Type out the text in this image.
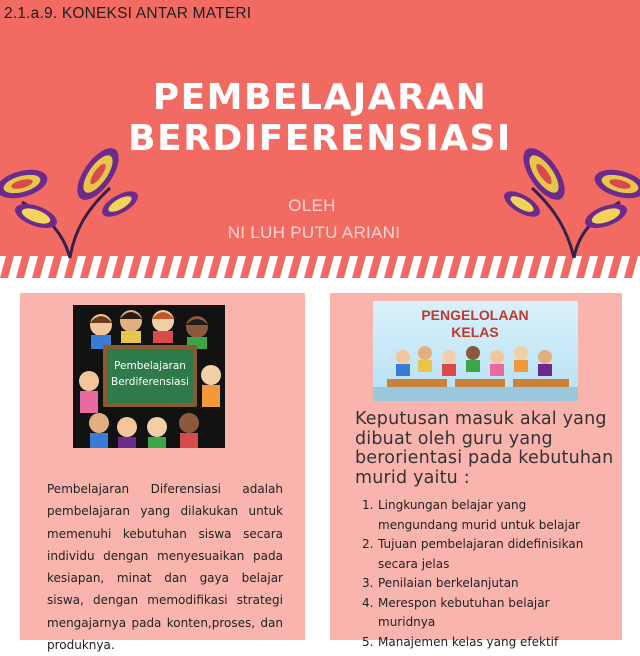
2.1.a.9. KONEKSI ANTAR MATERI
PEMBELAJARAN
BERDIFERENSIASI
OLEH
NI LUH PUTU ARIANI
Pembelajaran
Berdiferensiasi
Pembelajaran Diferensiasi adalah pembelajaran yang dilakukan untuk memenuhi kebutuhan siswa secara individu dengan menyesuaikan pada kesiapan, minat dan gaya belajar siswa, dengan memodifikasi strategi mengajarnya pada konten,proses, dan produknya.
PENGELOLAAN
KELAS
Keputusan masuk akal yang dibuat oleh guru yang berorientasi pada kebutuhan murid yaitu :
1. Lingkungan belajar yang mengundang murid untuk belajar
2. Tujuan pembelajaran didefinisikan secara jelas
3. Penilaian berkelanjutan
4. Merespon kebutuhan belajar muridnya
5. Manajemen kelas yang efektif
